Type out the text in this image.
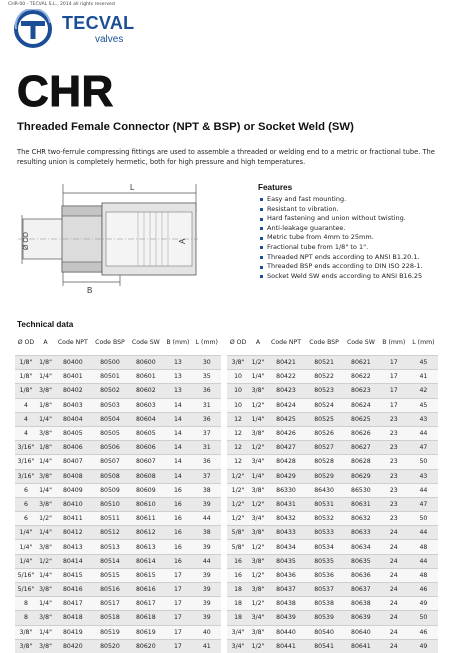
CHR-00 - TECVAL S.L., 2014 all rights reserved
TECVAL
valves
CHR
Threaded Female Connector (NPT & BSP) or Socket Weld (SW)

The CHR two-ferrule compressing fittings are used to assemble a threaded or welding end to a metric or fractional tube. The resulting union is completely hermetic, both for high pressure and high temperatures.

L
Ø OD	A
B
Features
Easy and fast mounting.
Resistant to vibration.
Hard fastening and union without twisting.
Anti-leakage guarantee.
Metric tube from 4mm to 25mm.
Fractional tube from 1/8" to 1".
Threaded NPT ends according to ANSI B1.20.1.
Threaded BSP ends according to DIN ISO 228-1.
Socket Weld SW ends according to ANSI B16.25
Technical data
Ø OD	A	Code NPT	Code BSP	Code SW	B (mm)	L (mm)
1/8"	1/8"	80400	80500	80600	13	30
1/8"	1/4"	80401	80501	80601	13	35
1/8"	3/8"	80402	80502	80602	13	36
4	1/8"	80403	80503	80603	14	31
4	1/4"	80404	80504	80604	14	36
4	3/8"	80405	80505	80605	14	37
3/16"	1/8"	80406	80506	80606	14	31
3/16"	1/4"	80407	80507	80607	14	36
3/16"	3/8"	80408	80508	80608	14	37
6	1/4"	80409	80509	80609	16	38
6	3/8"	80410	80510	80610	16	39
6	1/2"	80411	80511	80611	16	44
1/4"	1/4"	80412	80512	80612	16	38
1/4"	3/8"	80413	80513	80613	16	39
1/4"	1/2"	80414	80514	80614	16	44
5/16"	1/4"	80415	80515	80615	17	39
5/16"	3/8"	80416	80516	80616	17	39
8	1/4"	80417	80517	80617	17	39
8	3/8"	80418	80518	80618	17	39
3/8"	1/4"	80419	80519	80619	17	40
3/8"	3/8"	80420	80520	80620	17	41
Ø OD	A	Code NPT	Code BSP	Code SW	B (mm)	L (mm)
3/8"	1/2"	80421	80521	80621	17	45
10	1/4"	80422	80522	80622	17	41
10	3/8"	80423	80523	80623	17	42
10	1/2"	80424	80524	80624	17	45
12	1/4"	80425	80525	80625	23	43
12	3/8"	80426	80526	80626	23	44
12	1/2"	80427	80527	80627	23	47
12	3/4"	80428	80528	80628	23	50
1/2"	1/4"	80429	80529	80629	23	43
1/2"	3/8"	86330	86430	86530	23	44
1/2"	1/2"	80431	80531	80631	23	47
1/2"	3/4"	80432	80532	80632	23	50
5/8"	3/8"	80433	80533	80633	24	44
5/8"	1/2"	80434	80534	80634	24	48
16	3/8"	80435	80535	80635	24	44
16	1/2"	80436	80536	80636	24	48
18	3/8"	80437	80537	80637	24	46
18	1/2"	80438	80538	80638	24	49
18	3/4"	80439	80539	80639	24	50
3/4"	3/8"	80440	80540	80640	24	46
3/4"	1/2"	80441	80541	80641	24	49
